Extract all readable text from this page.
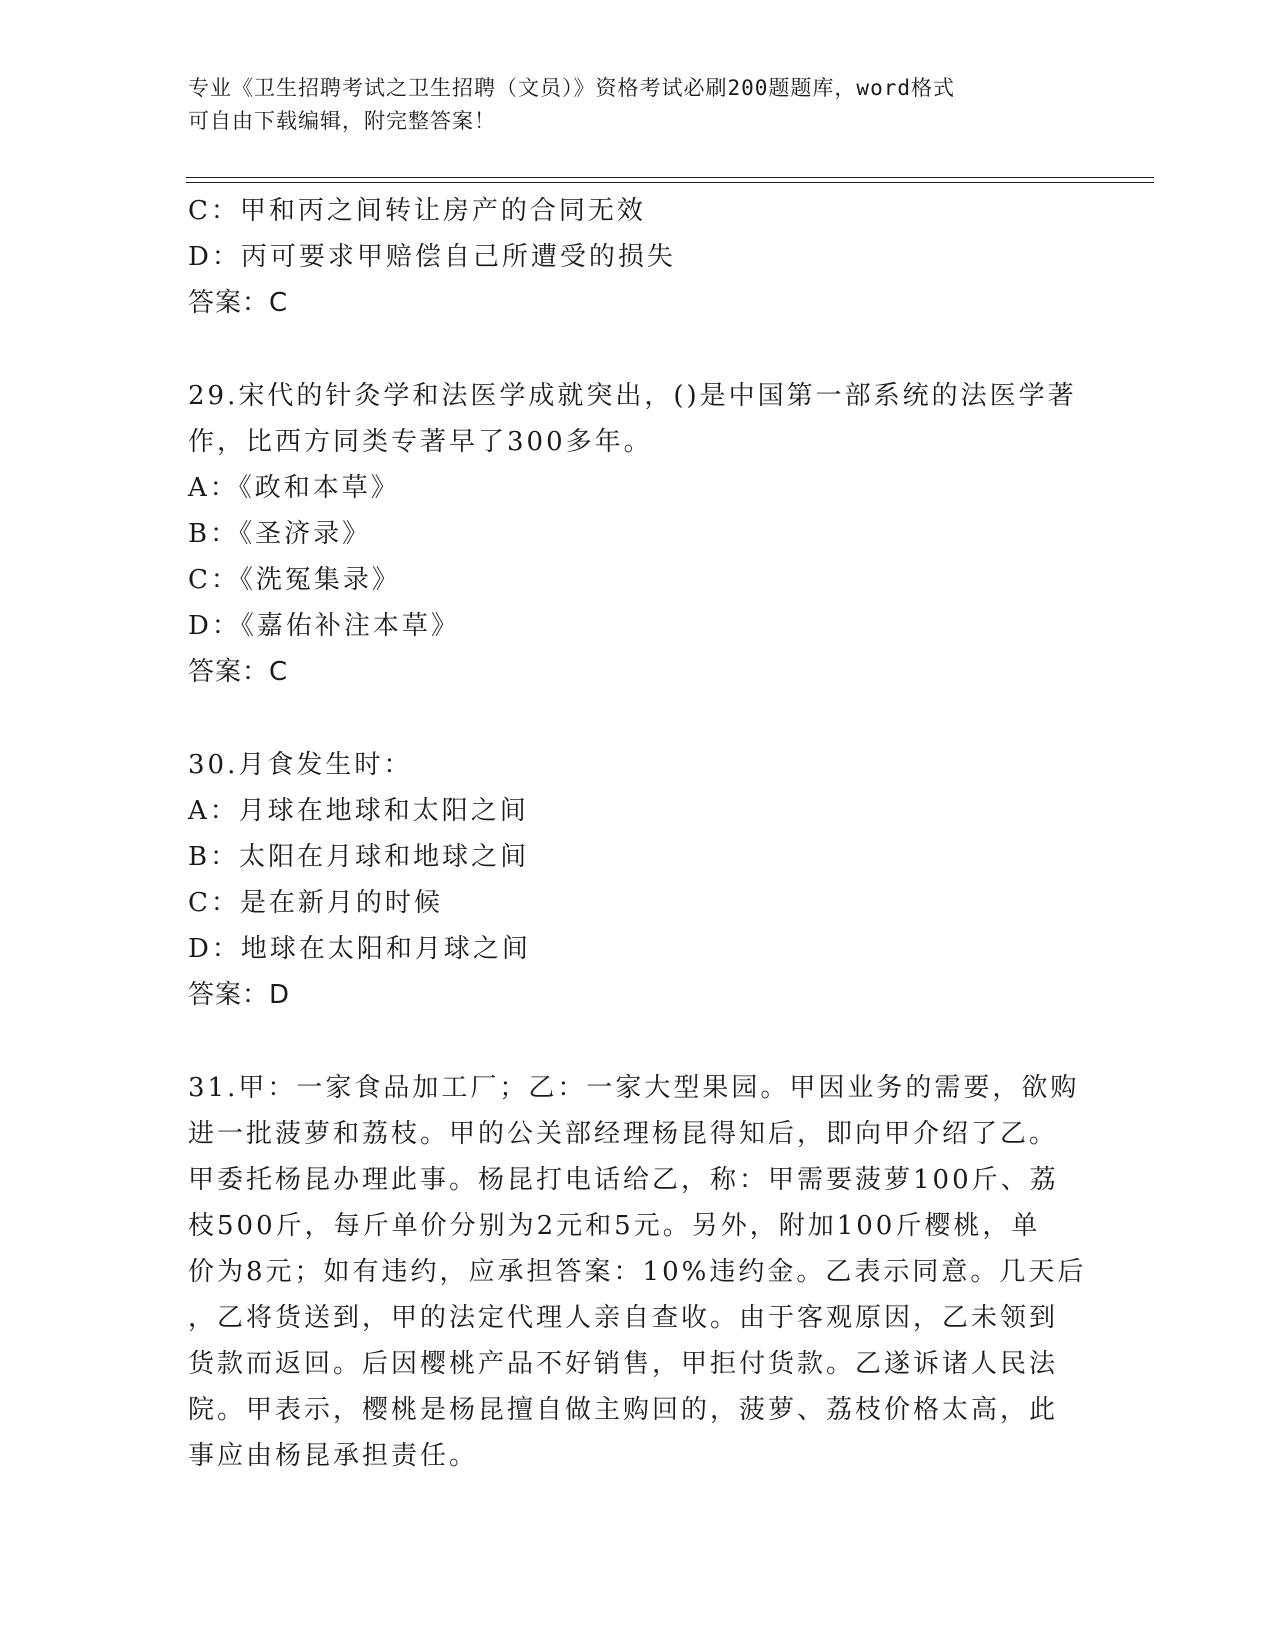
专业《卫生招聘考试之卫生招聘（文员）》资格考试必刷200题题库，word格式
可自由下载编辑，附完整答案！
C：甲和丙之间转让房产的合同无效
D：丙可要求甲赔偿自己所遭受的损失
答案：C
29.宋代的针灸学和法医学成就突出，()是中国第一部系统的法医学著
作，比西方同类专著早了300多年。
A：《政和本草》
B：《圣济录》
C：《洗冤集录》
D：《嘉佑补注本草》
答案：C
30.月食发生时：
A：月球在地球和太阳之间
B：太阳在月球和地球之间
C：是在新月的时候
D：地球在太阳和月球之间
答案：D
31.甲：一家食品加工厂；乙：一家大型果园。甲因业务的需要，欲购
进一批菠萝和荔枝。甲的公关部经理杨昆得知后，即向甲介绍了乙。
甲委托杨昆办理此事。杨昆打电话给乙，称：甲需要菠萝100斤、荔
枝500斤，每斤单价分别为2元和5元。另外，附加100斤樱桃，单
价为8元；如有违约，应承担答案：10%违约金。乙表示同意。几天后
，乙将货送到，甲的法定代理人亲自查收。由于客观原因，乙未领到
货款而返回。后因樱桃产品不好销售，甲拒付货款。乙遂诉诸人民法
院。甲表示，樱桃是杨昆擅自做主购回的，菠萝、荔枝价格太高，此
事应由杨昆承担责任。
